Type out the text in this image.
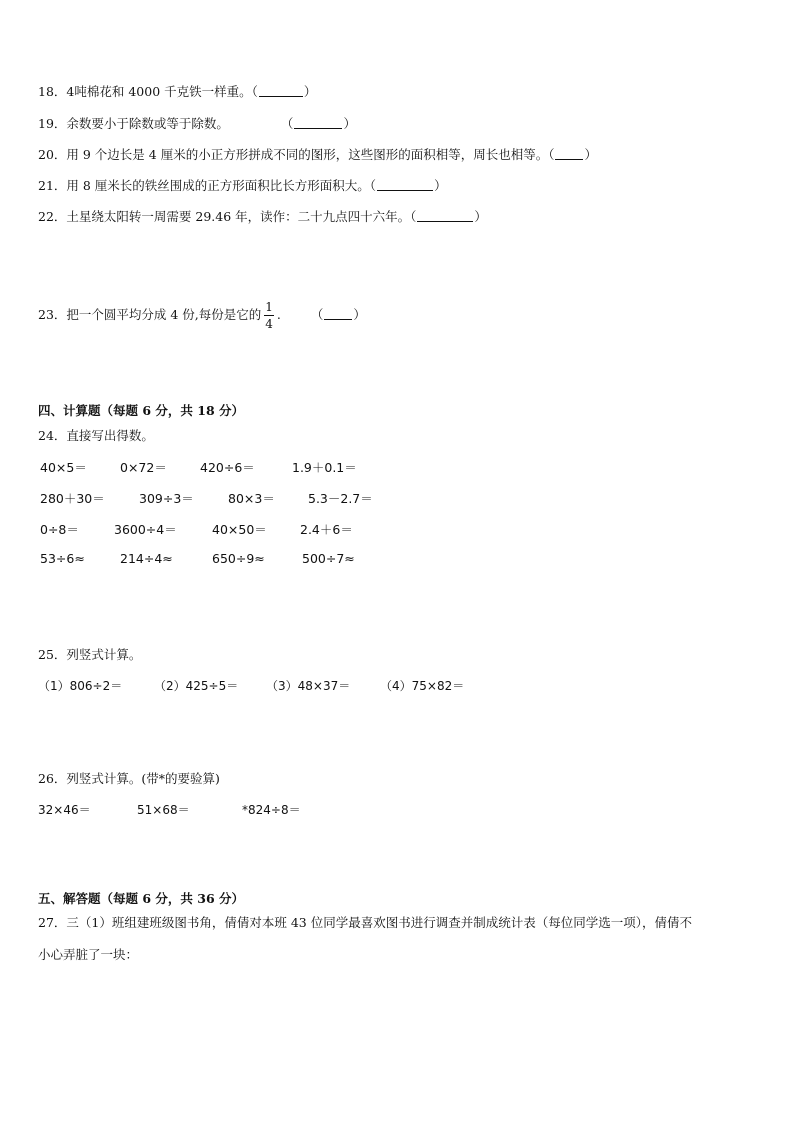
18．4吨棉花和 4000 千克铁一样重。（	）
19．余数要小于除数或等于除数。	（	）
20．用 9 个边长是 4 厘米的小正方形拼成不同的图形，这些图形的面积相等，周长也相等。（ ）
21．用 8 厘米长的铁丝围成的正方形面积比长方形面积大。（	）
22．土星绕太阳转一周需要 29.46 年，读作：二十九点四十六年。（	）
23．把一个圆平均分成 4 份,每份是它的 $\frac{1}{4}$ . （ ）
四、计算题（每题 6 分，共 18 分）
24．直接写出得数。
40×5＝	0×72＝	420÷6＝	1.9＋0.1＝
280＋30＝	309÷3＝	80×3＝	5.3－2.7＝
0÷8＝	3600÷4＝	40×50＝	2.4＋6＝
53÷6≈	214÷4≈	650÷9≈	500÷7≈
25．列竖式计算。
（1）806÷2＝	（2）425÷5＝ （3）48×37＝ （4）75×82＝
26．列竖式计算。(带*的要验算)
32×46＝	51×68＝	*824÷8＝
五、解答题（每题 6 分，共 36 分）
27．三（1）班组建班级图书角，倩倩对本班 43 位同学最喜欢图书进行调查并制成统计表（每位同学选一项），倩倩不
小心弄脏了一块：
